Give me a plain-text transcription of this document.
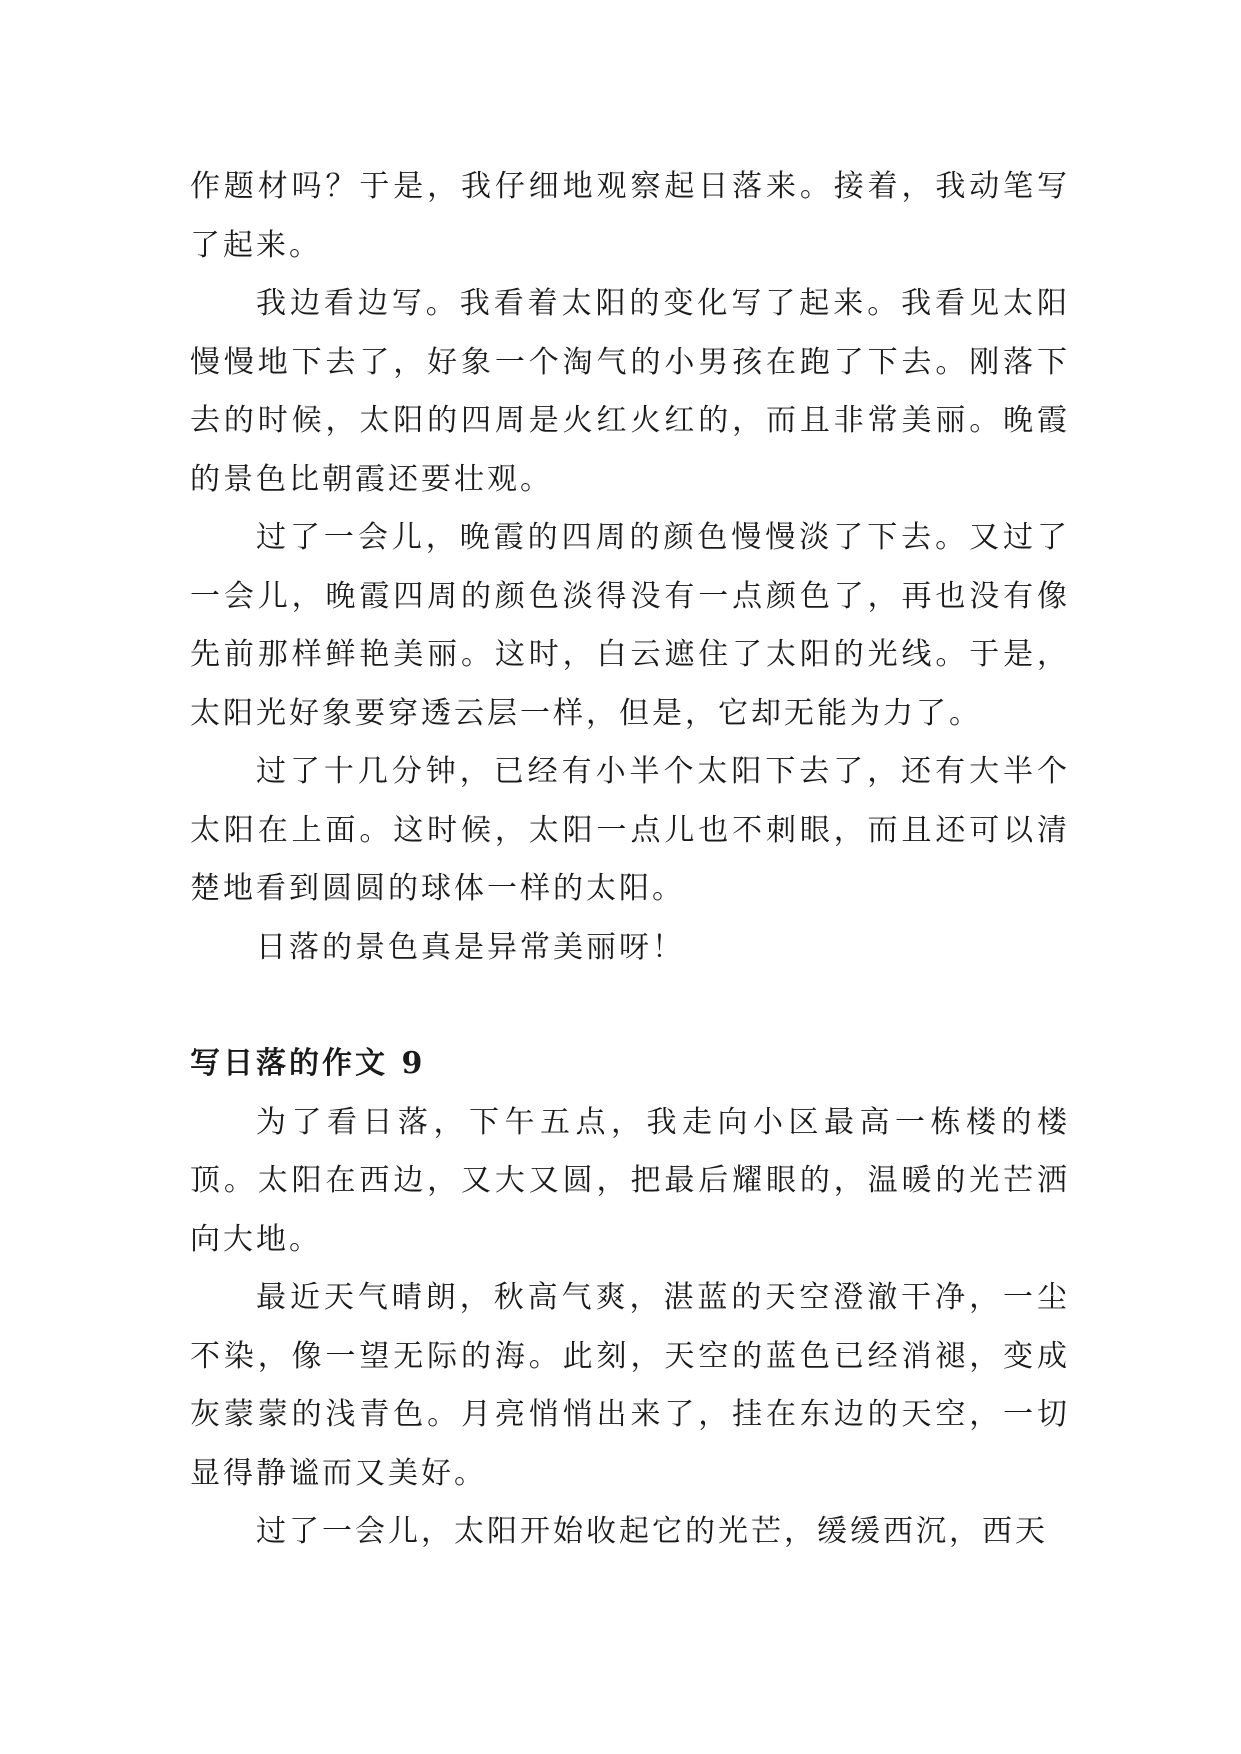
作题材吗？于是，我仔细地观察起日落来。接着，我动笔写了起来。

我边看边写。我看着太阳的变化写了起来。我看见太阳慢慢地下去了，好象一个淘气的小男孩在跑了下去。刚落下去的时候，太阳的四周是火红火红的，而且非常美丽。晚霞的景色比朝霞还要壮观。

过了一会儿，晚霞的四周的颜色慢慢淡了下去。又过了一会儿，晚霞四周的颜色淡得没有一点颜色了，再也没有像先前那样鲜艳美丽。这时，白云遮住了太阳的光线。于是，太阳光好象要穿透云层一样，但是，它却无能为力了。

过了十几分钟，已经有小半个太阳下去了，还有大半个太阳在上面。这时候，太阳一点儿也不刺眼，而且还可以清楚地看到圆圆的球体一样的太阳。

日落的景色真是异常美丽呀！

写日落的作文 9

为了看日落，下午五点，我走向小区最高一栋楼的楼顶。太阳在西边，又大又圆，把最后耀眼的，温暖的光芒洒向大地。

最近天气晴朗，秋高气爽，湛蓝的天空澄澈干净，一尘不染，像一望无际的海。此刻，天空的蓝色已经消褪，变成灰蒙蒙的浅青色。月亮悄悄出来了，挂在东边的天空，一切显得静谧而又美好。

过了一会儿，太阳开始收起它的光芒，缓缓西沉，西天
